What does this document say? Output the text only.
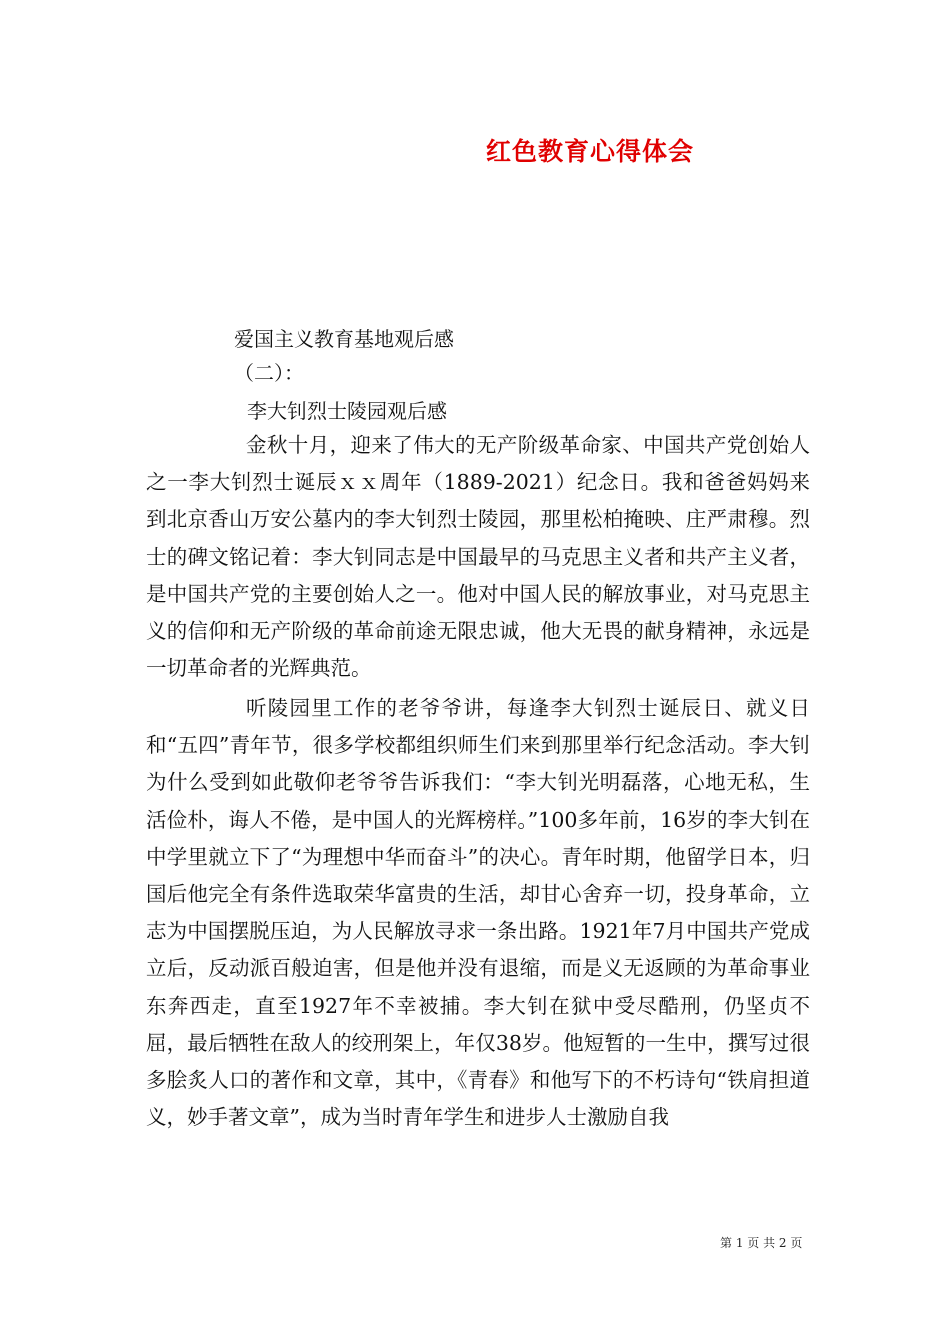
红色教育心得体会
爱国主义教育基地观后感
（二）：
李大钊烈士陵园观后感
金秋十月，迎来了伟大的无产阶级革命家、中国共产党创始人之一李大钊烈士诞辰ｘｘ周年（1889-2021）纪念日。我和爸爸妈妈来到北京香山万安公墓内的李大钊烈士陵园，那里松柏掩映、庄严肃穆。烈士的碑文铭记着：李大钊同志是中国最早的马克思主义者和共产主义者，是中国共产党的主要创始人之一。他对中国人民的解放事业，对马克思主义的信仰和无产阶级的革命前途无限忠诚，他大无畏的献身精神，永远是一切革命者的光辉典范。
听陵园里工作的老爷爷讲，每逢李大钊烈士诞辰日、就义日和“五四”青年节，很多学校都组织师生们来到那里举行纪念活动。李大钊为什么受到如此敬仰老爷爷告诉我们：“李大钊光明磊落，心地无私，生活俭朴，诲人不倦，是中国人的光辉榜样。”100多年前，16岁的李大钊在中学里就立下了“为理想中华而奋斗”的决心。青年时期，他留学日本，归国后他完全有条件选取荣华富贵的生活，却甘心舍弃一切，投身革命，立志为中国摆脱压迫，为人民解放寻求一条出路。1921年7月中国共产党成立后，反动派百般迫害，但是他并没有退缩，而是义无返顾的为革命事业东奔西走，直至1927年不幸被捕。李大钊在狱中受尽酷刑，仍坚贞不屈，最后牺牲在敌人的绞刑架上，年仅38岁。他短暂的一生中，撰写过很多脍炙人口的著作和文章，其中，《青春》和他写下的不朽诗句“铁肩担道义，妙手著文章”，成为当时青年学生和进步人士激励自我
第 1 页 共 2 页
